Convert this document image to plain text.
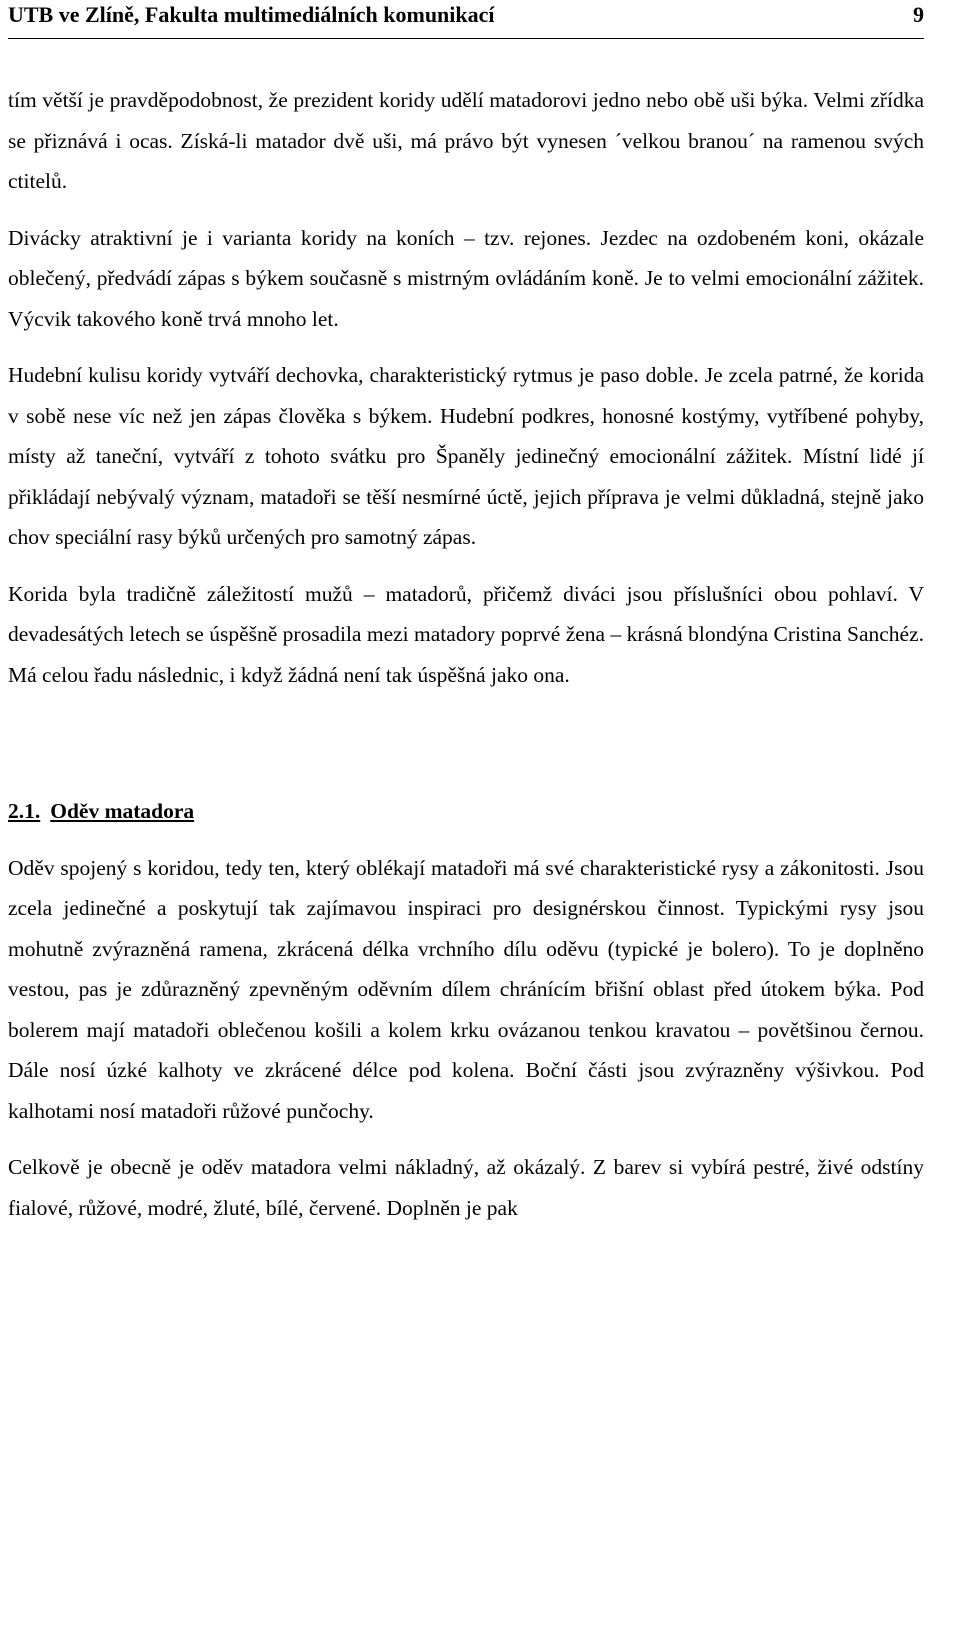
UTB ve Zlíně, Fakulta multimediálních komunikací	9

tím větší je pravděpodobnost, že prezident koridy udělí matadorovi jedno nebo obě uši býka. Velmi zřídka se přiznává i ocas. Získá-li matador dvě uši, má právo být vynesen ´velkou branou´ na ramenou svých ctitelů.

Divácky atraktivní je i varianta koridy na koních – tzv. rejones. Jezdec na ozdobeném koni, okázale oblečený, předvádí zápas s býkem současně s mistrným ovládáním koně. Je to velmi emocionální zážitek. Výcvik takového koně trvá mnoho let.

Hudební kulisu koridy vytváří dechovka, charakteristický rytmus je paso doble. Je zcela patrné, že korida v sobě nese víc než jen zápas člověka s býkem. Hudební podkres, honosné kostýmy, vytříbené pohyby, místy až taneční, vytváří z tohoto svátku pro Španěly jedinečný emocionální zážitek. Místní lidé jí přikládají nebývalý význam, matadoři se těší nesmírné úctě, jejich příprava je velmi důkladná, stejně jako chov speciální rasy býků určených pro samotný zápas.

Korida byla tradičně záležitostí mužů – matadorů, přičemž diváci jsou příslušníci obou pohlaví. V devadesátých letech se úspěšně prosadila mezi matadory poprvé žena – krásná blondýna Cristina Sanchéz. Má celou řadu následnic, i když žádná není tak úspěšná jako ona.

2.1. Oděv matadora

Oděv spojený s koridou, tedy ten, který oblékají matadoři má své charakteristické rysy a zákonitosti. Jsou zcela jedinečné a poskytují tak zajímavou inspiraci pro designérskou činnost. Typickými rysy jsou mohutně zvýrazněná ramena, zkrácená délka vrchního dílu oděvu (typické je bolero). To je doplněno vestou, pas je zdůrazněný zpevněným oděvním dílem chránícím břišní oblast před útokem býka. Pod bolerem mají matadoři oblečenou košili a kolem krku ovázanou tenkou kravatou – povětšinou černou. Dále nosí úzké kalhoty ve zkrácené délce pod kolena. Boční části jsou zvýrazněny výšivkou. Pod kalhotami nosí matadoři růžové punčochy.

Celkově je obecně je oděv matadora velmi nákladný, až okázalý. Z barev si vybírá pestré, živé odstíny fialové, růžové, modré, žluté, bílé, červené. Doplněn je pak
